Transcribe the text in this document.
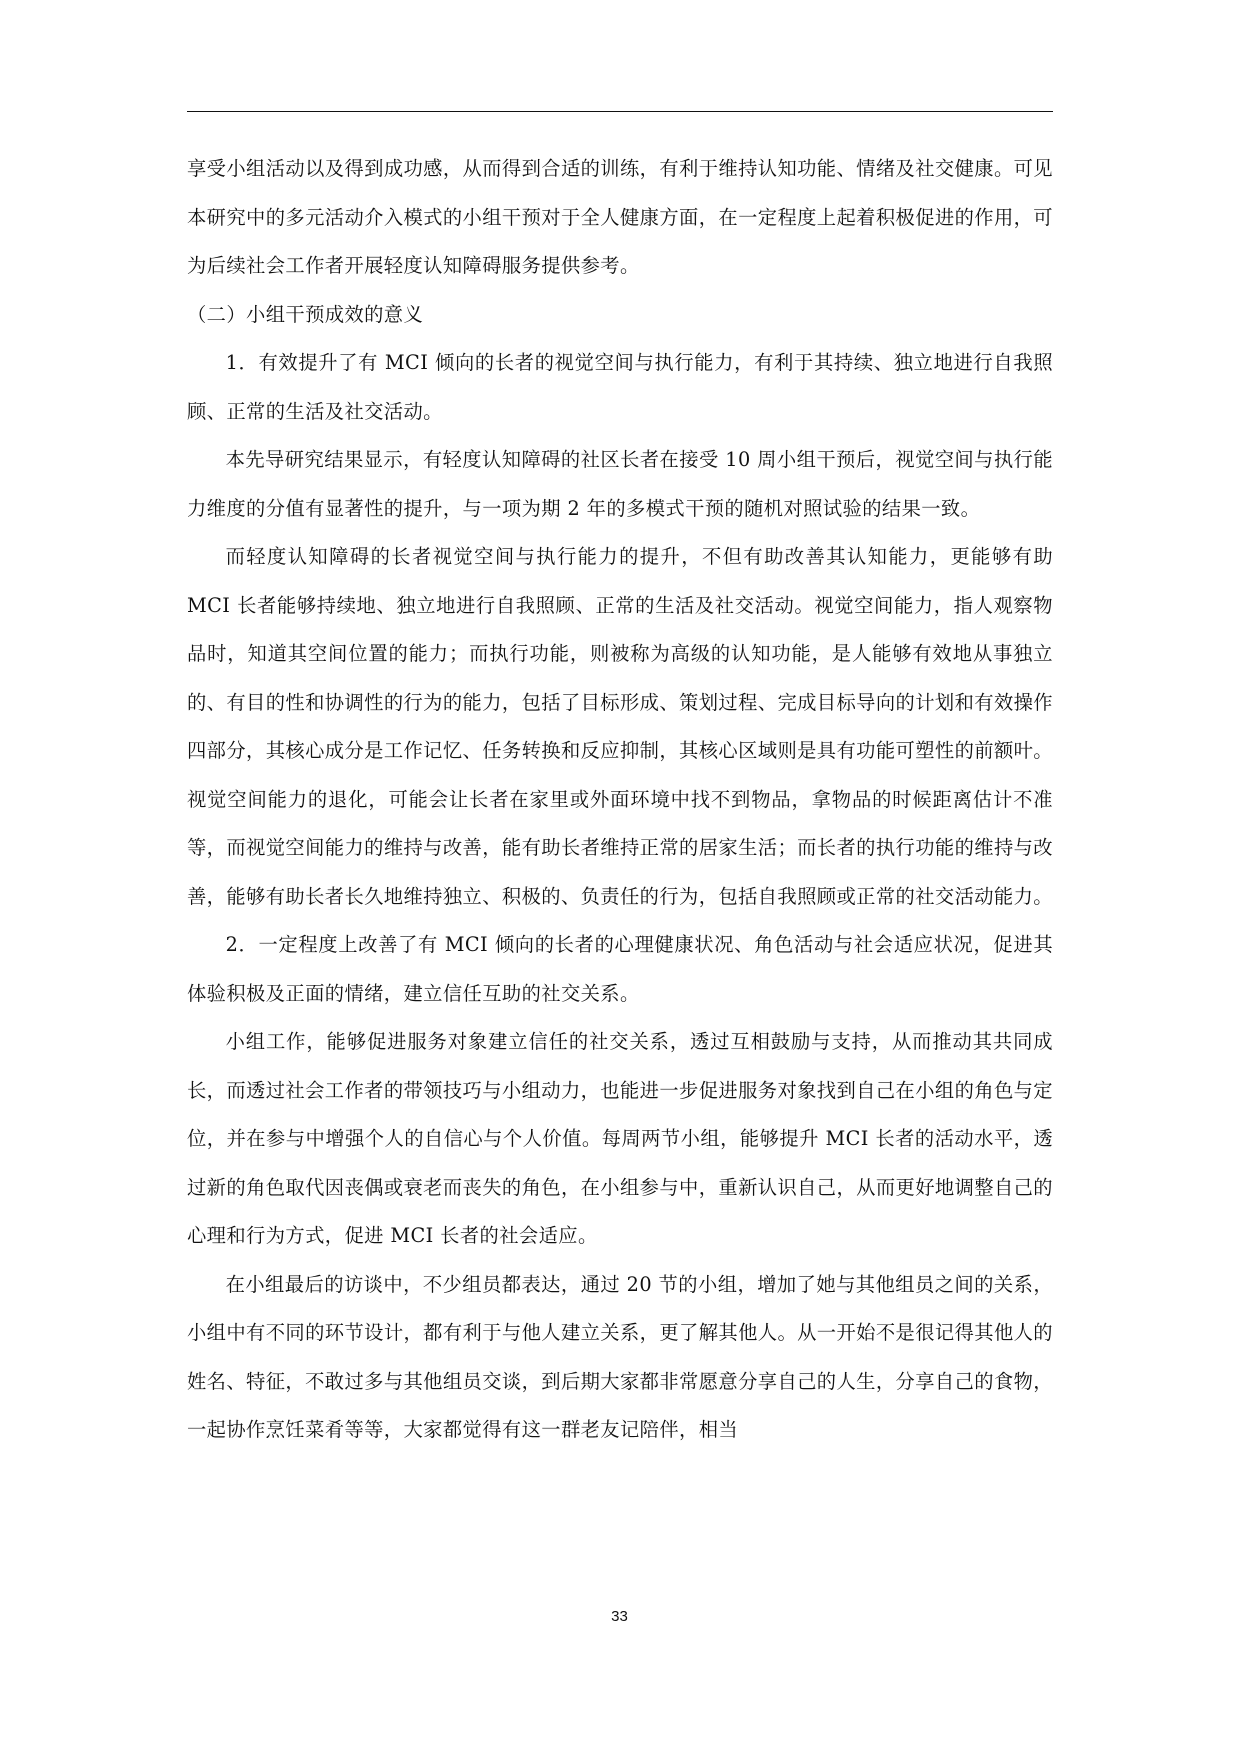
享受小组活动以及得到成功感，从而得到合适的训练，有利于维持认知功能、情绪及社交健康。可见本研究中的多元活动介入模式的小组干预对于全人健康方面，在一定程度上起着积极促进的作用，可为后续社会工作者开展轻度认知障碍服务提供参考。

（二）小组干预成效的意义

1．有效提升了有 MCI 倾向的长者的视觉空间与执行能力，有利于其持续、独立地进行自我照顾、正常的生活及社交活动。

本先导研究结果显示，有轻度认知障碍的社区长者在接受 10 周小组干预后，视觉空间与执行能力维度的分值有显著性的提升，与一项为期 2 年的多模式干预的随机对照试验的结果一致。

而轻度认知障碍的长者视觉空间与执行能力的提升，不但有助改善其认知能力，更能够有助 MCI 长者能够持续地、独立地进行自我照顾、正常的生活及社交活动。视觉空间能力，指人观察物品时，知道其空间位置的能力；而执行功能，则被称为高级的认知功能，是人能够有效地从事独立的、有目的性和协调性的行为的能力，包括了目标形成、策划过程、完成目标导向的计划和有效操作四部分，其核心成分是工作记忆、任务转换和反应抑制，其核心区域则是具有功能可塑性的前额叶。视觉空间能力的退化，可能会让长者在家里或外面环境中找不到物品，拿物品的时候距离估计不准等，而视觉空间能力的维持与改善，能有助长者维持正常的居家生活；而长者的执行功能的维持与改善，能够有助长者长久地维持独立、积极的、负责任的行为，包括自我照顾或正常的社交活动能力。

2．一定程度上改善了有 MCI 倾向的长者的心理健康状况、角色活动与社会适应状况，促进其体验积极及正面的情绪，建立信任互助的社交关系。

小组工作，能够促进服务对象建立信任的社交关系，透过互相鼓励与支持，从而推动其共同成长，而透过社会工作者的带领技巧与小组动力，也能进一步促进服务对象找到自己在小组的角色与定位，并在参与中增强个人的自信心与个人价值。每周两节小组，能够提升 MCI 长者的活动水平，透过新的角色取代因丧偶或衰老而丧失的角色，在小组参与中，重新认识自己，从而更好地调整自己的心理和行为方式，促进 MCI 长者的社会适应。

在小组最后的访谈中，不少组员都表达，通过 20 节的小组，增加了她与其他组员之间的关系，小组中有不同的环节设计，都有利于与他人建立关系，更了解其他人。从一开始不是很记得其他人的姓名、特征，不敢过多与其他组员交谈，到后期大家都非常愿意分享自己的人生，分享自己的食物，一起协作烹饪菜肴等等，大家都觉得有这一群老友记陪伴，相当

33
